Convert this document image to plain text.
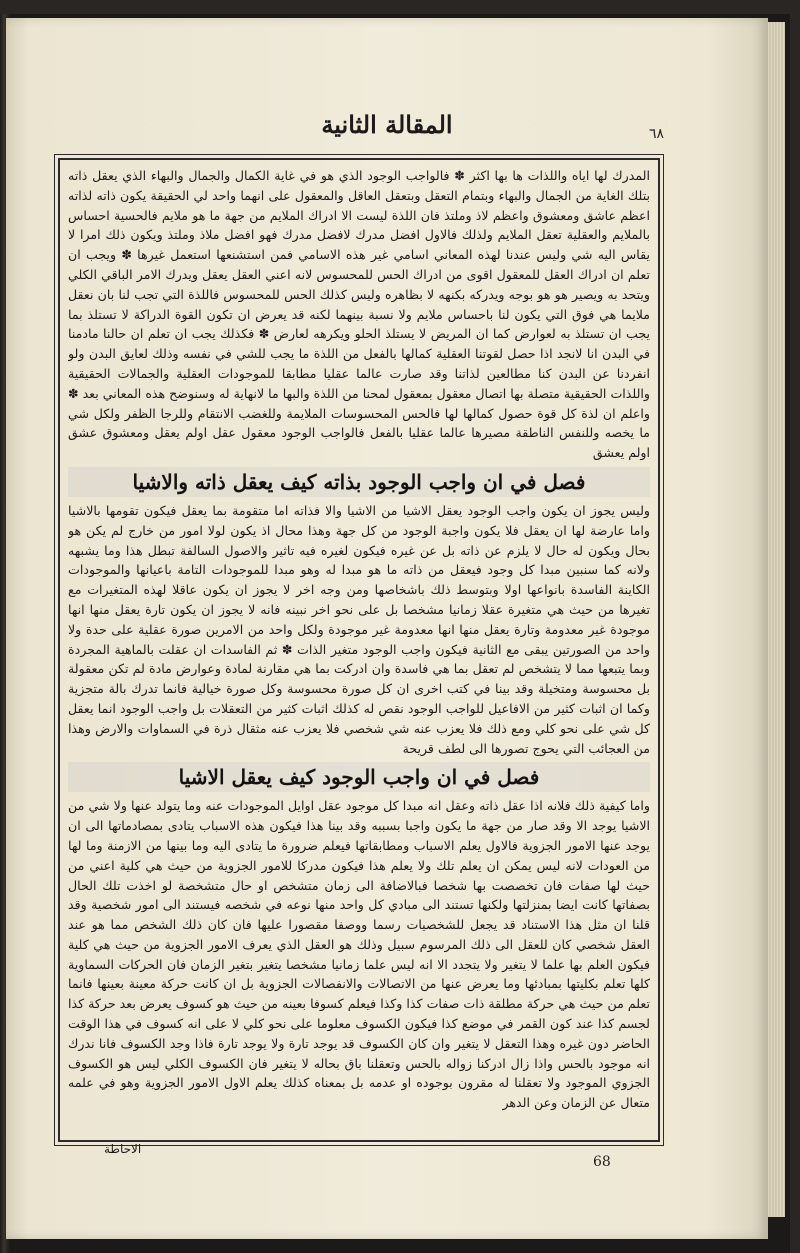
المقالة الثانية	٦٨

المدرك لها اياه واللذات ها بها اكثر ✽ فالواجب الوجود الذي هو في غاية الكمال والجمال والبهاء الذي يعقل ذاته بتلك الغاية من الجمال والبهاء وبتمام التعقل وبتعقل العاقل والمعقول على انهما واحد لي الحقيقة يكون ذاته لذاته اعظم عاشق ومعشوق واعظم لاذ وملتذ فان اللذة ليست الا ادراك الملايم من جهة ما هو ملايم فالحسية احساس بالملايم والعقلية تعقل الملايم ولذلك فالاول افضل مدرك لافضل مدرك فهو افضل ملاذ وملتذ ويكون ذلك امرا لا يقاس اليه شي وليس عندنا لهذه المعاني اسامي غير هذه الاسامي فمن استشنعها استعمل غيرها ✽ ويجب ان تعلم ان ادراك العقل للمعقول اقوى من ادراك الحس للمحسوس لانه اعني العقل يعقل ويدرك الامر الباقي الكلي ويتحد به ويصير هو هو بوجه ويدركه بكنهه لا بظاهره وليس كذلك الحس للمحسوس فاللذة التي تجب لنا بان نعقل ملايما هي فوق التي يكون لنا باحساس ملايم ولا نسبة بينهما لكنه قد يعرض ان تكون القوة الدراكة لا تستلذ بما يجب ان تستلذ به لعوارض كما ان المريض لا يستلذ الحلو ويكرهه لعارض ✽ فكذلك يجب ان تعلم ان حالنا مادمنا في البدن انا لانجد اذا حصل لقوتنا العقلية كمالها بالفعل من اللذة ما يجب للشي في نفسه وذلك لعايق البدن ولو انفردنا عن البدن كنا مطالعين لذاتنا وقد صارت عالما عقليا مطابقا للموجودات العقلية والجمالات الحقيقية واللذات الحقيقية متصلة بها اتصال معقول بمعقول لمحنا من اللذة والبها ما لانهاية له وسنوضح هذه المعاني بعد ✽ واعلم ان لذة كل قوة حصول كمالها لها فالحس المحسوسات الملايمة وللغضب الانتقام وللرجا الظفر ولكل شي ما يخصه وللنفس الناطقة مصيرها عالما عقليا بالفعل فالواجب الوجود معقول عقل اولم يعقل ومعشوق عشق اولم يعشق

فصل في ان واجب الوجود بذاته كيف يعقل ذاته والاشيا

وليس يجوز ان يكون واجب الوجود يعقل الاشيا من الاشيا والا فذاته اما متقومة بما يعقل فيكون تقومها بالاشيا واما عارضة لها ان يعقل فلا يكون واجبة الوجود من كل جهة وهذا محال اذ يكون لولا امور من خارج لم يكن هو بحال ويكون له حال لا يلزم عن ذاته بل عن غيره فيكون لغيره فيه تاثير والاصول السالفة تبطل هذا وما يشبهه ولانه كما سنبين مبدا كل وجود فيعقل من ذاته ما هو مبدا له وهو مبدا للموجودات التامة باعيانها والموجودات الكاينة الفاسدة بانواعها اولا وبتوسط ذلك باشخاصها ومن وجه اخر لا يجوز ان يكون عاقلا لهذه المتغيرات مع تغيرها من حيث هي متغيرة عقلا زمانيا مشخصا بل على نحو اخر نبينه فانه لا يجوز ان يكون تارة يعقل منها انها موجودة غير معدومة وتارة يعقل منها انها معدومة غير موجودة ولكل واحد من الامرين صورة عقلية على حدة ولا واحد من الصورتين يبقى مع الثانية فيكون واجب الوجود متغير الذات ✽ ثم الفاسدات ان عقلت بالماهية المجردة وبما يتبعها مما لا يتشخص لم تعقل بما هي فاسدة وان ادركت بما هي مقارنة لمادة وعوارض مادة لم تكن معقولة بل محسوسة ومتخيلة وقد بينا في كتب اخرى ان كل صورة محسوسة وكل صورة خيالية فانما تدرك بالة متجزية وكما ان اثبات كثير من الافاعيل للواجب الوجود نقص له كذلك اثبات كثير من التعقلات بل واجب الوجود انما يعقل كل شي على نحو كلي ومع ذلك فلا يعزب عنه شي شخصي فلا يعزب عنه مثقال ذرة في السماوات والارض وهذا من العجائب التي يحوج تصورها الى لطف قريحة

فصل في ان واجب الوجود كيف يعقل الاشيا

واما كيفية ذلك فلانه اذا عقل ذاته وعقل انه مبدا كل موجود عقل اوايل الموجودات عنه وما يتولد عنها ولا شي من الاشيا يوجد الا وقد صار من جهة ما يكون واجبا بسببه وقد بينا هذا فيكون هذه الاسباب يتادى بمصادماتها الى ان يوجد عنها الامور الجزوية فالاول يعلم الاسباب ومطابقاتها فيعلم ضرورة ما يتادى اليه وما بينها من الازمنة وما لها من العودات لانه ليس يمكن ان يعلم تلك ولا يعلم هذا فيكون مدركا للامور الجزوية من حيث هي كلية اعني من حيث لها صفات فان تخصصت بها شخصا فبالاضافة الى زمان متشخص او حال متشخصة لو اخذت تلك الحال بصفاتها كانت ايضا بمنزلتها ولكنها تستند الى مبادي كل واحد منها نوعه في شخصه فيستند الى امور شخصية وقد قلنا ان مثل هذا الاستناد قد يجعل للشخصيات رسما ووصفا مقصورا عليها فان كان ذلك الشخص مما هو عند العقل شخصي كان للعقل الى ذلك المرسوم سبيل وذلك هو العقل الذي يعرف الامور الجزوية من حيث هي كلية فيكون العلم بها علما لا يتغير ولا يتجدد الا انه ليس علما زمانيا مشخصا يتغير بتغير الزمان فان الحركات السماوية كلها تعلم بكليتها بمبادئها وما يعرض عنها من الاتصالات والانفصالات الجزوية بل ان كانت حركة معينة بعينها فانما تعلم من حيث هي حركة مطلقة ذات صفات كذا وكذا فيعلم كسوفا بعينه من حيث هو كسوف يعرض بعد حركة كذا لجسم كذا عند كون القمر في موضع كذا فيكون الكسوف معلوما على نحو كلي لا على انه كسوف في هذا الوقت الحاضر دون غيره وهذا التعقل لا يتغير وان كان الكسوف قد يوجد تارة ولا يوجد تارة فاذا وجد الكسوف فانا ندرك انه موجود بالحس واذا زال ادركنا زواله بالحس وتعقلنا باق بحاله لا يتغير فان الكسوف الكلي ليس هو الكسوف الجزوي الموجود ولا تعقلنا له مقرون بوجوده او عدمه بل بمعناه كذلك يعلم الاول الامور الجزوية وهو في علمه متعال عن الزمان وعن الدهر

الاحاطة
68
